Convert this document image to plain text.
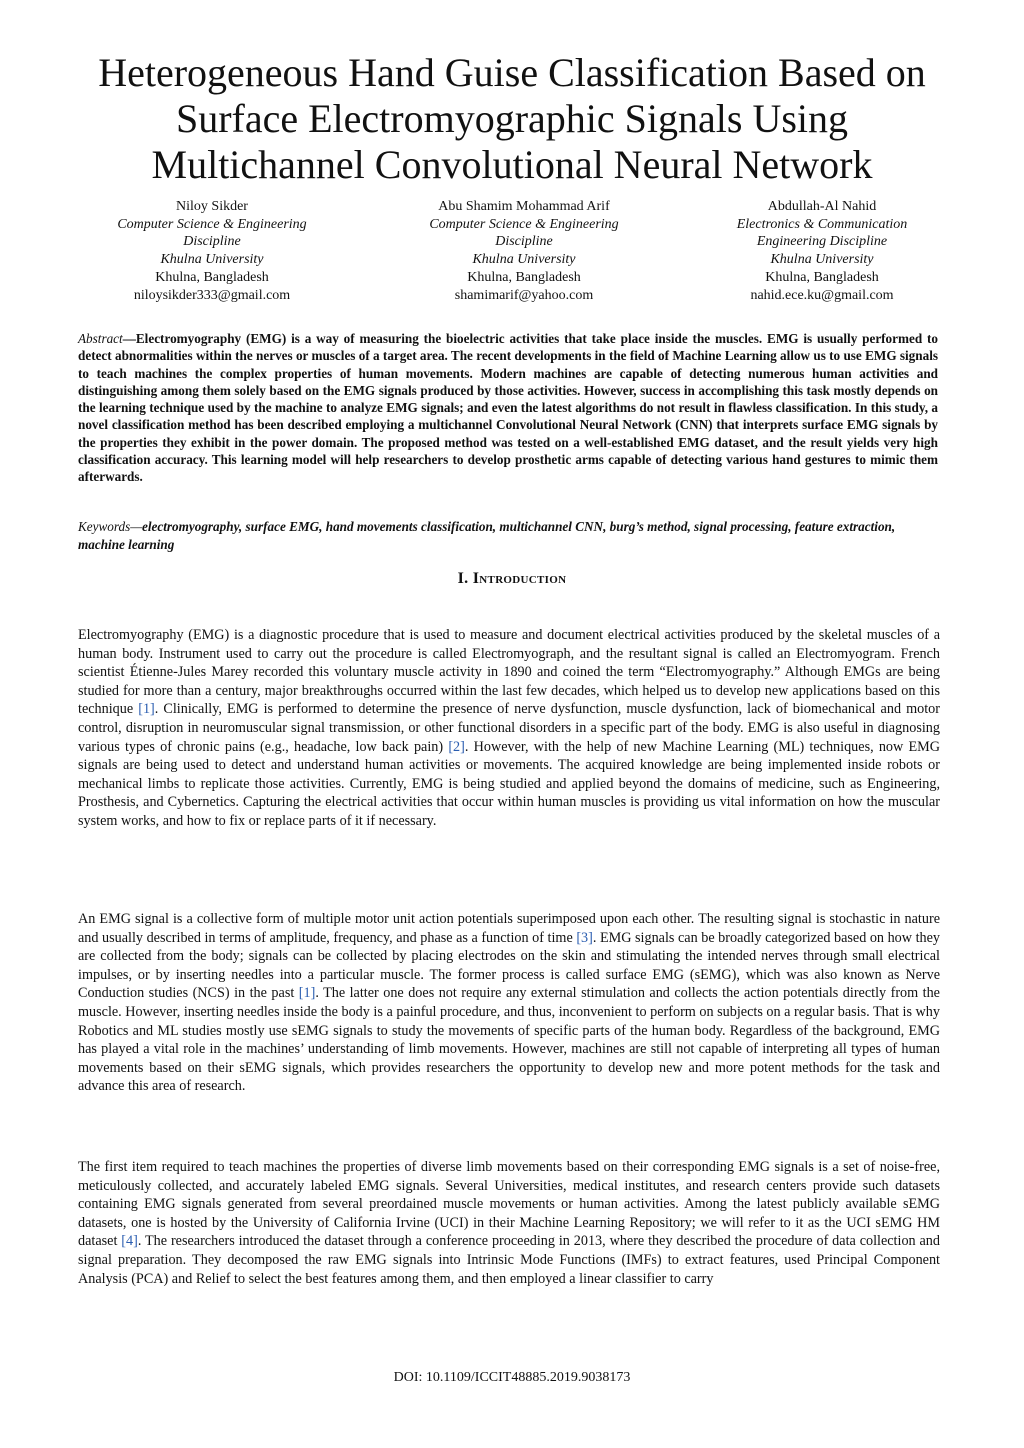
Heterogeneous Hand Guise Classification Based on
Surface Electromyographic Signals Using
Multichannel Convolutional Neural Network
Niloy Sikder
Computer Science & Engineering
Discipline
Khulna University
Khulna, Bangladesh
niloysikder333@gmail.com
Abu Shamim Mohammad Arif
Computer Science & Engineering
Discipline
Khulna University
Khulna, Bangladesh
shamimarif@yahoo.com
Abdullah-Al Nahid
Electronics & Communication
Engineering Discipline
Khulna University
Khulna, Bangladesh
nahid.ece.ku@gmail.com

Abstract—Electromyography (EMG) is a way of measuring the bioelectric activities that take place inside the muscles. EMG is usually performed to detect abnormalities within the nerves or muscles of a target area. The recent developments in the field of Machine Learning allow us to use EMG signals to teach machines the complex properties of human movements. Modern machines are capable of detecting numerous human activities and distinguishing among them solely based on the EMG signals produced by those activities. However, success in accomplishing this task mostly depends on the learning technique used by the machine to analyze EMG signals; and even the latest algorithms do not result in flawless classification. In this study, a novel classification method has been described employing a multichannel Convolutional Neural Network (CNN) that interprets surface EMG signals by the properties they exhibit in the power domain. The proposed method was tested on a well-established EMG dataset, and the result yields very high classification accuracy. This learning model will help researchers to develop prosthetic arms capable of detecting various hand gestures to mimic them afterwards.

Keywords—electromyography, surface EMG, hand movements classification, multichannel CNN, burg’s method, signal processing, feature extraction, machine learning

I. Introduction

Electromyography (EMG) is a diagnostic procedure that is used to measure and document electrical activities produced by the skeletal muscles of a human body. Instrument used to carry out the procedure is called Electromyograph, and the resultant signal is called an Electromyogram. French scientist Étienne-Jules Marey recorded this voluntary muscle activity in 1890 and coined the term “Electromyography.” Although EMGs are being studied for more than a century, major breakthroughs occurred within the last few decades, which helped us to develop new applications based on this technique [1]. Clinically, EMG is performed to determine the presence of nerve dysfunction, muscle dysfunction, lack of biomechanical and motor control, disruption in neuromuscular signal transmission, or other functional disorders in a specific part of the body. EMG is also useful in diagnosing various types of chronic pains (e.g., headache, low back pain) [2]. However, with the help of new Machine Learning (ML) techniques, now EMG signals are being used to detect and understand human activities or movements. The acquired knowledge are being implemented inside robots or mechanical limbs to replicate those activities. Currently, EMG is being studied and applied beyond the domains of medicine, such as Engineering, Prosthesis, and Cybernetics. Capturing the electrical activities that occur within human muscles is providing us vital information on how the muscular system works, and how to fix or replace parts of it if necessary.

An EMG signal is a collective form of multiple motor unit action potentials superimposed upon each other. The resulting signal is stochastic in nature and usually described in terms of amplitude, frequency, and phase as a function of time [3]. EMG signals can be broadly categorized based on how they are collected from the body; signals can be collected by placing electrodes on the skin and stimulating the intended nerves through small electrical impulses, or by inserting needles into a particular muscle. The former process is called surface EMG (sEMG), which was also known as Nerve Conduction studies (NCS) in the past [1]. The latter one does not require any external stimulation and collects the action potentials directly from the muscle. However, inserting needles inside the body is a painful procedure, and thus, inconvenient to perform on subjects on a regular basis. That is why Robotics and ML studies mostly use sEMG signals to study the movements of specific parts of the human body. Regardless of the background, EMG has played a vital role in the machines’ understanding of limb movements. However, machines are still not capable of interpreting all types of human movements based on their sEMG signals, which provides researchers the opportunity to develop new and more potent methods for the task and advance this area of research.

The first item required to teach machines the properties of diverse limb movements based on their corresponding EMG signals is a set of noise-free, meticulously collected, and accurately labeled EMG signals. Several Universities, medical institutes, and research centers provide such datasets containing EMG signals generated from several preordained muscle movements or human activities. Among the latest publicly available sEMG datasets, one is hosted by the University of California Irvine (UCI) in their Machine Learning Repository; we will refer to it as the UCI sEMG HM dataset [4]. The researchers introduced the dataset through a conference proceeding in 2013, where they described the procedure of data collection and signal preparation. They decomposed the raw EMG signals into Intrinsic Mode Functions (IMFs) to extract features, used Principal Component Analysis (PCA) and Relief to select the best features among them, and then employed a linear classifier to carry

DOI: 10.1109/ICCIT48885.2019.9038173
